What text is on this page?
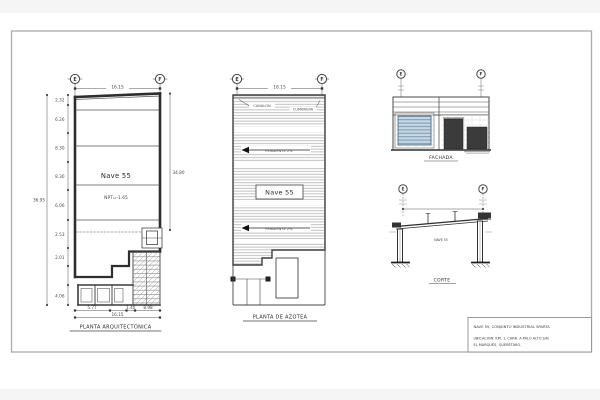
E	F
16.15
Nave 55
NPT=-1.65
2.32
6.26
8.30
8.30
6.06
2.53
2.01
4.06
36.95
34.80
5.77	1.40 8.98
16.15
PLANTA ARQUITECTÓNICA
E	F
16.15
CANALÓN
CUMBRERA
PENDIENTE 2%
Nave 55
PENDIENTE 2%
PLANTA DE AZOTEA
E	F
FACHADA
E	F
NAVE 55
CORTE
NAVE 55, CONJUNTO INDUSTRIAL SPARTA
UBICACIÓN: KM. 1, CARR. A PALO ALTO S/N
EL MARQUÉS, QUERÉTARO.
